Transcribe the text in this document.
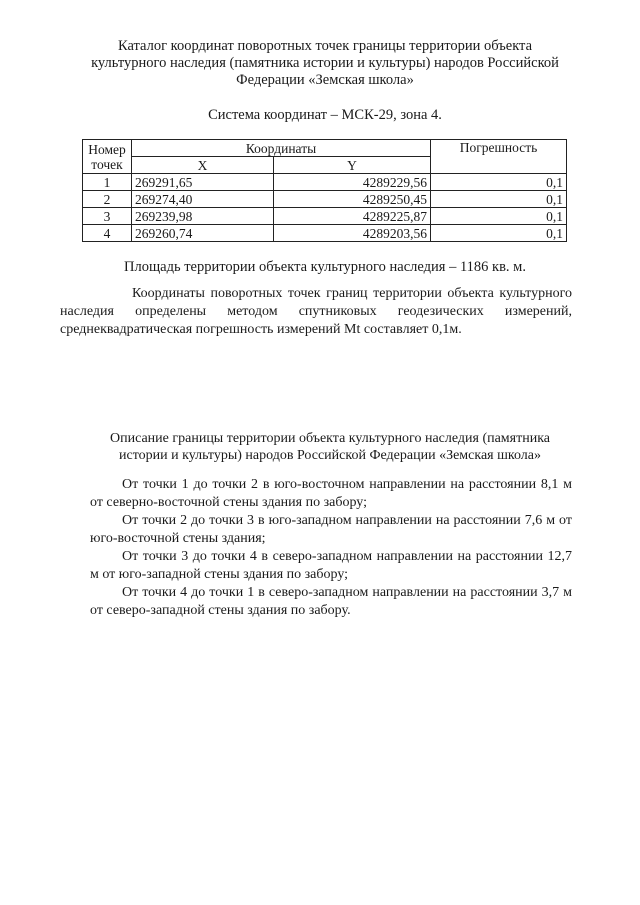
Каталог координат поворотных точек границы территории объекта культурного наследия (памятника истории и культуры) народов Российской Федерации «Земская школа»
Система координат – МСК-29, зона 4.
Номер
точек	Координаты		Погрешность
	X	Y	
1	269291,65	4289229,56	0,1
2	269274,40	4289250,45	0,1
3	269239,98	4289225,87	0,1
4	269260,74	4289203,56	0,1
Площадь территории объекта культурного наследия – 1186 кв. м.
Координаты поворотных точек границ территории объекта культурного наследия определены методом спутниковых геодезических измерений, среднеквадратическая погрешность измерений Mt составляет 0,1м.
Описание границы территории объекта культурного наследия (памятника истории и культуры) народов Российской Федерации «Земская школа»

От точки 1 до точки 2 в юго-восточном направлении на расстоянии 8,1 м от северно-восточной стены здания по забору;

От точки 2 до точки 3 в юго-западном направлении на расстоянии 7,6 м от юго-восточной стены здания;

От точки 3 до точки 4 в северо-западном направлении на расстоянии 12,7 м от юго-западной стены здания по забору;

От точки 4 до точки 1 в северо-западном направлении на расстоянии 3,7 м от северо-западной стены здания по забору.
